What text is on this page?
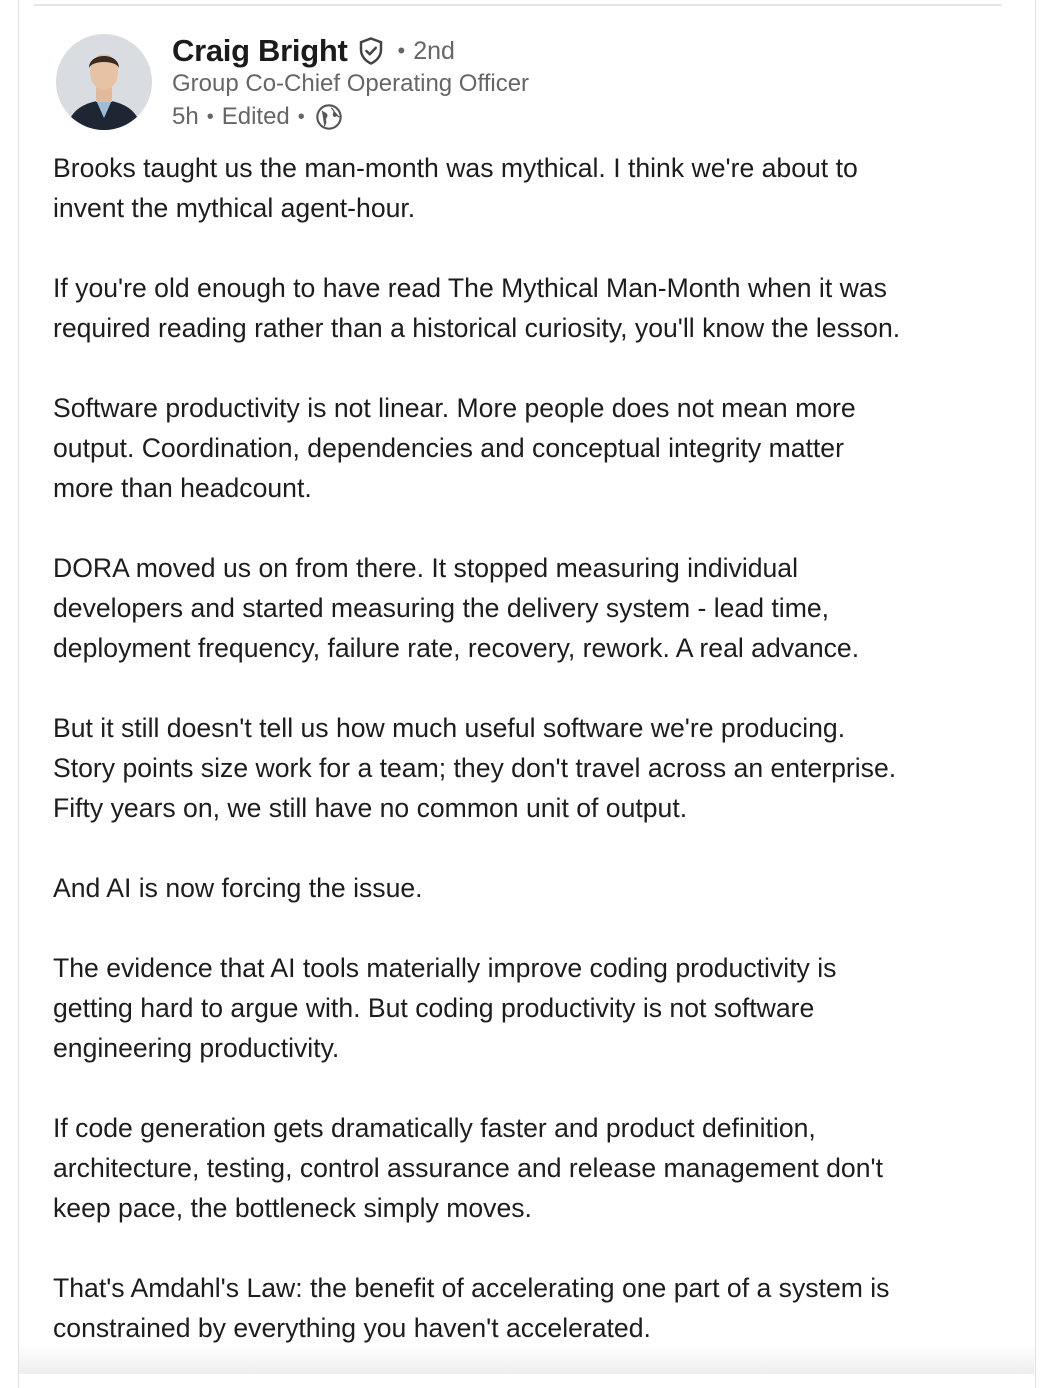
Craig Bright • 2nd
Group Co-Chief Operating Officer
5h • Edited •

Brooks taught us the man-month was mythical. I think we're about to
invent the mythical agent-hour.

If you're old enough to have read The Mythical Man-Month when it was
required reading rather than a historical curiosity, you'll know the lesson.

Software productivity is not linear. More people does not mean more
output. Coordination, dependencies and conceptual integrity matter
more than headcount.

DORA moved us on from there. It stopped measuring individual
developers and started measuring the delivery system - lead time,
deployment frequency, failure rate, recovery, rework. A real advance.

But it still doesn't tell us how much useful software we're producing.
Story points size work for a team; they don't travel across an enterprise.
Fifty years on, we still have no common unit of output.

And AI is now forcing the issue.

The evidence that AI tools materially improve coding productivity is
getting hard to argue with. But coding productivity is not software
engineering productivity.

If code generation gets dramatically faster and product definition,
architecture, testing, control assurance and release management don't
keep pace, the bottleneck simply moves.

That's Amdahl's Law: the benefit of accelerating one part of a system is
constrained by everything you haven't accelerated.
